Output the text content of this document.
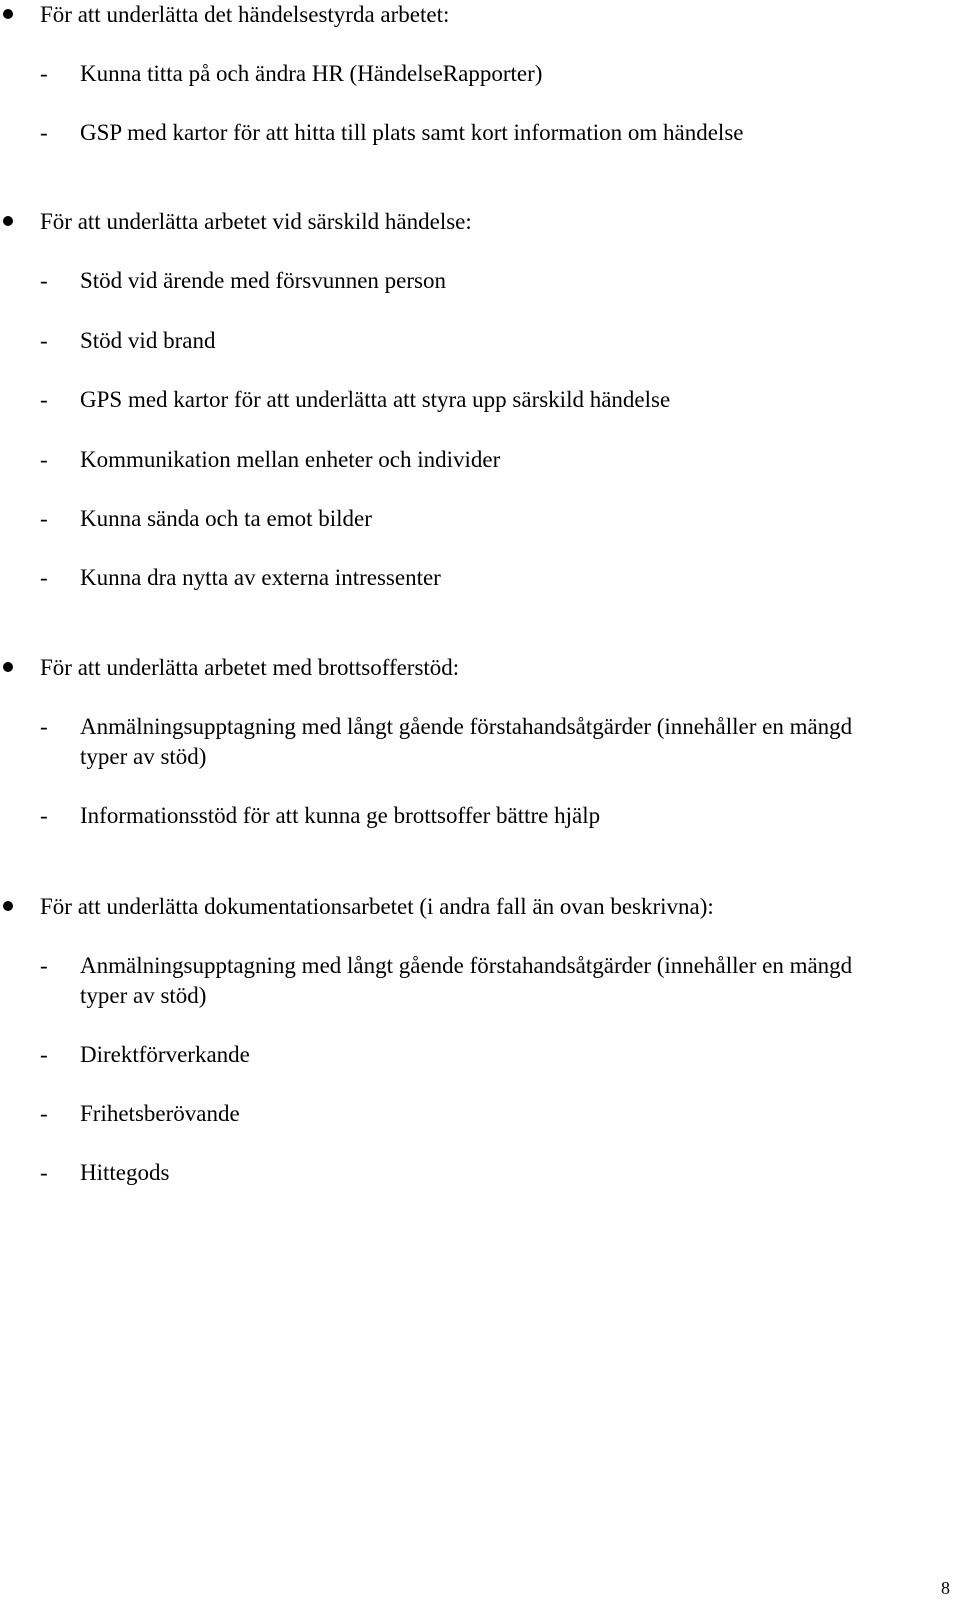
För att underlätta det händelsestyrda arbetet:
- Kunna titta på och ändra HR (HändelseRapporter)
- GSP med kartor för att hitta till plats samt kort information om händelse
För att underlätta arbetet vid särskild händelse:
- Stöd vid ärende med försvunnen person
- Stöd vid brand
- GPS med kartor för att underlätta att styra upp särskild händelse
- Kommunikation mellan enheter och individer
- Kunna sända och ta emot bilder
- Kunna dra nytta av externa intressenter
För att underlätta arbetet med brottsofferstöd:
- Anmälningsupptagning med långt gående förstahandsåtgärder (innehåller en mängd typer av stöd)
- Informationsstöd för att kunna ge brottsoffer bättre hjälp
För att underlätta dokumentationsarbetet (i andra fall än ovan beskrivna):
- Anmälningsupptagning med långt gående förstahandsåtgärder (innehåller en mängd typer av stöd)
- Direktförverkande
- Frihetsberövande
- Hittegods
8
